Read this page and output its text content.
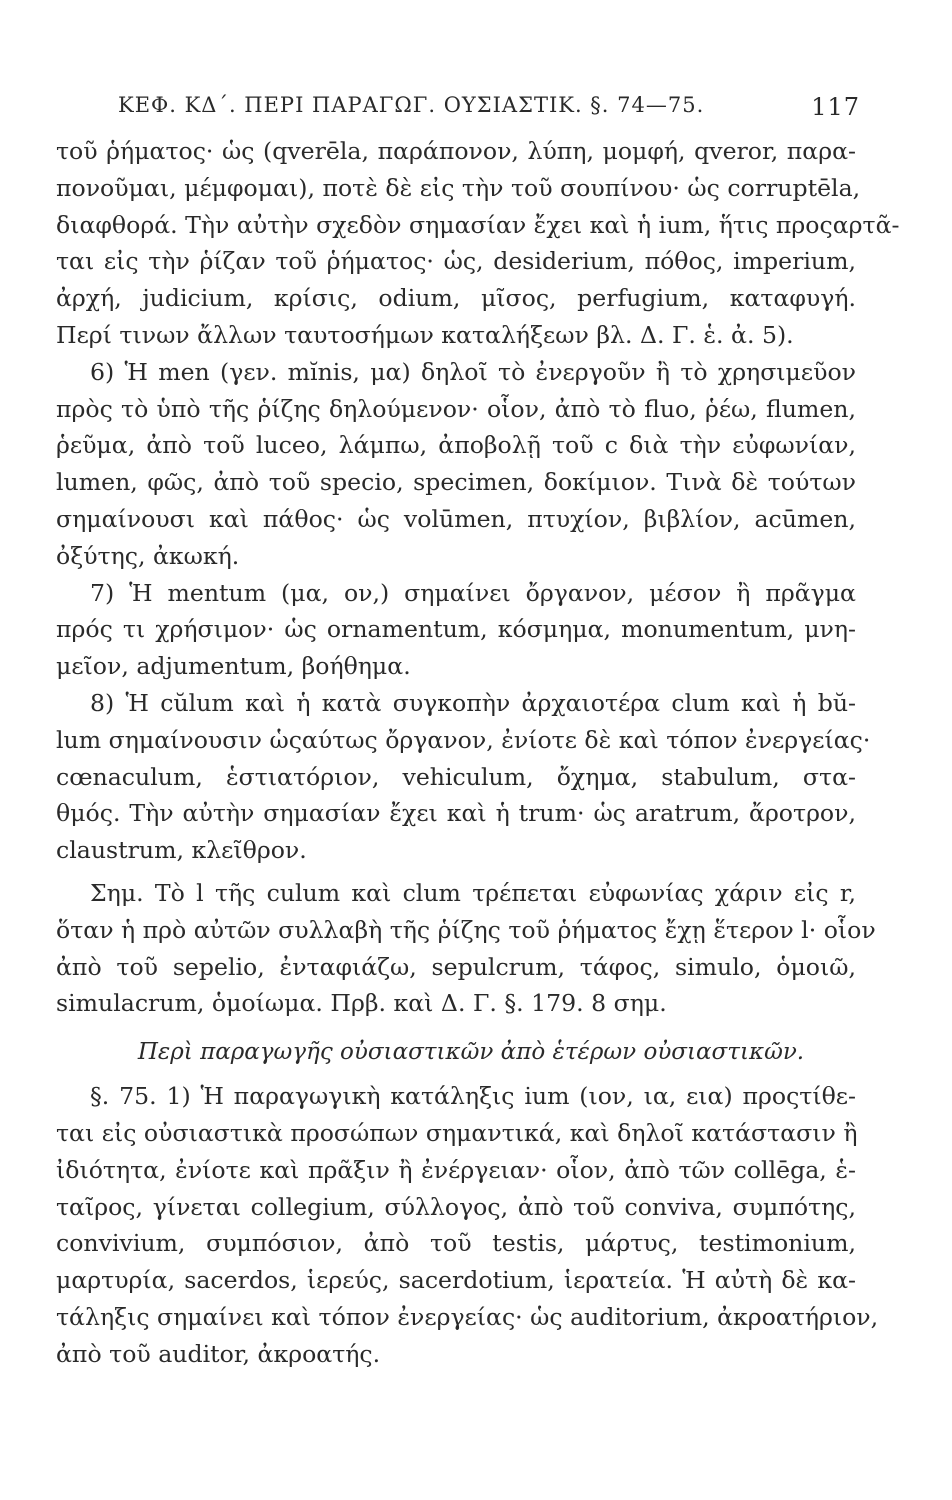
ΚΕΦ. ΚΔ΄. ΠΕΡΙ ΠΑΡΑΓΩΓ. ΟΥΣΙΑΣΤΙΚ. §. 74—75.	117
τοῦ ῥήματος· ὡς (qverēla, παράπονον, λύπη, μομφή, qveror, παρα-
πονοῦμαι, μέμφομαι), ποτὲ δὲ εἰς τὴν τοῦ σουπίνου· ὡς corruptēla,
διαφθορά. Τὴν αὐτὴν σχεδὸν σημασίαν ἔχει καὶ ἡ ium, ἥτις προςαρτᾶ-
ται εἰς τὴν ῥίζαν τοῦ ῥήματος· ὡς, desiderium, πόθος, imperium,
ἀρχή, judicium, κρίσις, odium, μῖσος, perfugium, καταφυγή.
Περί τινων ἄλλων ταυτοσήμων καταλήξεων βλ. Δ. Γ. ἑ. ἀ. 5).
6) Ἡ men (γεν. mĭnis, μα) δηλοῖ τὸ ἐνεργοῦν ἢ τὸ χρησιμεῦον
πρὸς τὸ ὑπὸ τῆς ῥίζης δηλούμενον· οἷον, ἀπὸ τὸ fluo, ῥέω, flumen,
ῥεῦμα, ἀπὸ τοῦ luceo, λάμπω, ἀποβολῇ τοῦ c διὰ τὴν εὐφωνίαν,
lumen, φῶς, ἀπὸ τοῦ specio, specimen, δοκίμιον. Τινὰ δὲ τούτων
σημαίνουσι καὶ πάθος· ὡς volūmen, πτυχίον, βιβλίον, acūmen,
ὀξύτης, ἀκωκή.
7) Ἡ mentum (μα, ον,) σημαίνει ὄργανον, μέσον ἢ πρᾶγμα
πρός τι χρήσιμον· ὡς ornamentum, κόσμημα, monumentum, μνη-
μεῖον, adjumentum, βοήθημα.
8) Ἡ cŭlum καὶ ἡ κατὰ συγκοπὴν ἀρχαιοτέρα clum καὶ ἡ bŭ-
lum σημαίνουσιν ὡςαύτως ὄργανον, ἐνίοτε δὲ καὶ τόπον ἐνεργείας·
cœnaculum, ἑστιατόριον, vehiculum, ὄχημα, stabulum, στα-
θμός. Τὴν αὐτὴν σημασίαν ἔχει καὶ ἡ trum· ὡς aratrum, ἄροτρον,
claustrum, κλεῖθρον.
Σημ. Τὸ l τῆς culum καὶ clum τρέπεται εὐφωνίας χάριν εἰς r,
ὅταν ἡ πρὸ αὐτῶν συλλαβὴ τῆς ῥίζης τοῦ ῥήματος ἔχῃ ἕτερον l· οἷον
ἀπὸ τοῦ sepelio, ἐνταφιάζω, sepulcrum, τάφος, simulo, ὁμοιῶ,
simulacrum, ὁμοίωμα. Πρβ. καὶ Δ. Γ. §. 179. 8 σημ.
Περὶ παραγωγῆς οὐσιαστικῶν ἀπὸ ἑτέρων οὐσιαστικῶν.
§. 75. 1) Ἡ παραγωγικὴ κατάληξις ium (ιον, ια, εια) προςτίθε-
ται εἰς οὐσιαστικὰ προσώπων σημαντικά, καὶ δηλοῖ κατάστασιν ἢ
ἰδιότητα, ἐνίοτε καὶ πρᾶξιν ἢ ἐνέργειαν· οἷον, ἀπὸ τῶν collēga, ἑ-
ταῖρος, γίνεται collegium, σύλλογος, ἀπὸ τοῦ conviva, συμπότης,
convivium, συμπόσιον, ἀπὸ τοῦ testis, μάρτυς, testimonium,
μαρτυρία, sacerdos, ἱερεύς, sacerdotium, ἱερατεία. Ἡ αὐτὴ δὲ κα-
τάληξις σημαίνει καὶ τόπον ἐνεργείας· ὡς auditorium, ἀκροατήριον,
ἀπὸ τοῦ auditor, ἀκροατής.
